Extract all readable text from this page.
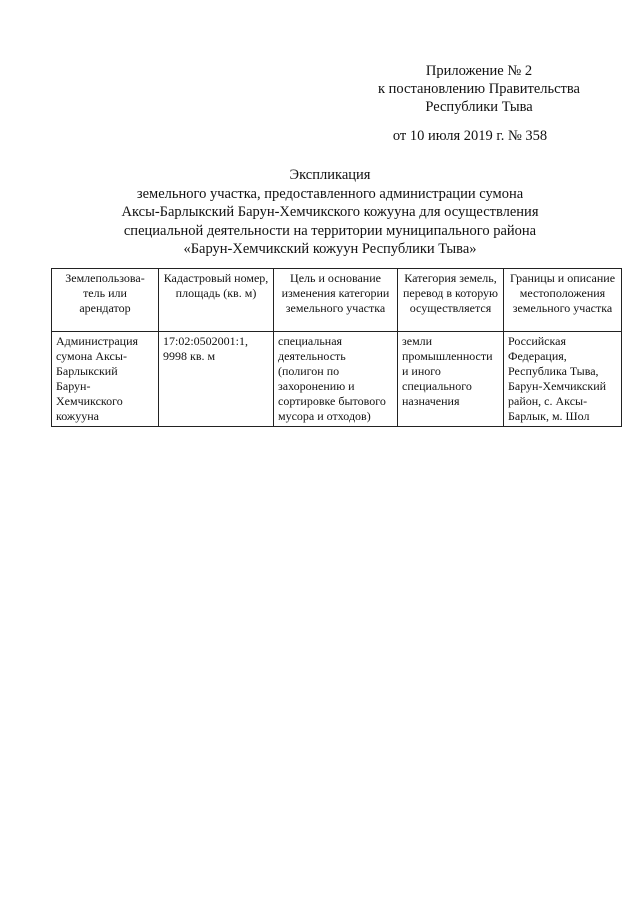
Приложение № 2
к постановлению Правительства
Республики Тыва
от 10 июля 2019 г. № 358
Экспликация
земельного участка, предоставленного администрации сумона
Аксы-Барлыкский Барун-Хемчикского кожууна для осуществления
специальной деятельности на территории муниципального района
«Барун-Хемчикский кожуун Республики Тыва»
Землепользова-тель или арендатор	Кадастровый номер, площадь (кв. м)	Цель и основание изменения категории земельного участка	Категория земель, перевод в которую осуществляется	Границы и описание местоположения земельного участка
Администрация сумона Аксы-Барлыкский Барун-Хемчикского кожууна	17:02:0502001:1, 9998 кв. м	специальная деятельность (полигон по захоронению и сортировке бытового мусора и отходов)	земли промышленности и иного специального назначения	Российская Федерация, Республика Тыва, Барун-Хемчикский район, с. Аксы-Барлык, м. Шол
